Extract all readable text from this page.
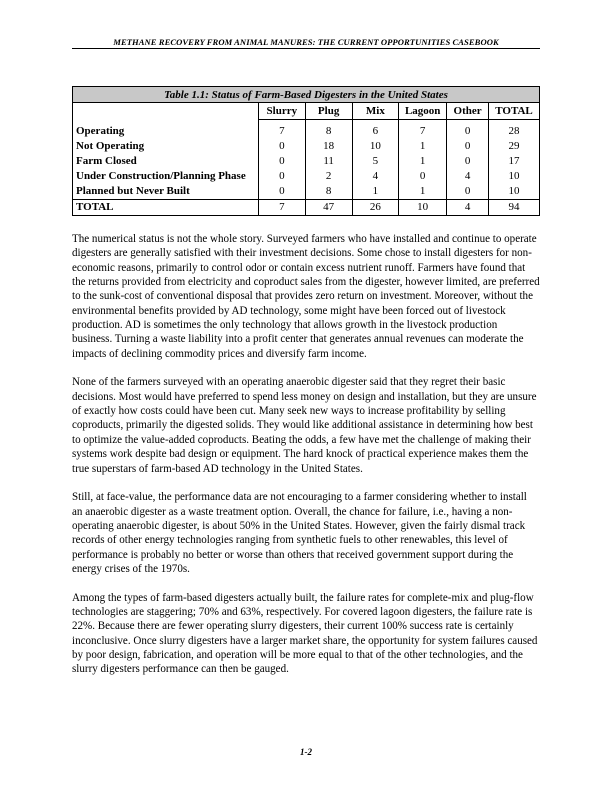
METHANE RECOVERY FROM ANIMAL MANURES: THE CURRENT OPPORTUNITIES CASEBOOK
Table 1.1: Status of Farm-Based Digesters in the United States						
	Slurry	Plug	Mix	Lagoon	Other	TOTAL
Operating	7	8	6	7	0	28
Not Operating	0	18	10	1	0	29
Farm Closed	0	11	5	1	0	17
Under Construction/Planning Phase	0	2	4	0	4	10
Planned but Never Built	0	8	1	1	0	10
TOTAL	7	47	26	10	4	94

The numerical status is not the whole story. Surveyed farmers who have installed and continue to operate digesters are generally satisfied with their investment decisions. Some chose to install digesters for non-economic reasons, primarily to control odor or contain excess nutrient runoff. Farmers have found that the returns provided from electricity and coproduct sales from the digester, however limited, are preferred to the sunk-cost of conventional disposal that provides zero return on investment. Moreover, without the environmental benefits provided by AD technology, some might have been forced out of livestock production. AD is sometimes the only technology that allows growth in the livestock production business. Turning a waste liability into a profit center that generates annual revenues can moderate the impacts of declining commodity prices and diversify farm income.

None of the farmers surveyed with an operating anaerobic digester said that they regret their basic decisions. Most would have preferred to spend less money on design and installation, but they are unsure of exactly how costs could have been cut. Many seek new ways to increase profitability by selling coproducts, primarily the digested solids. They would like additional assistance in determining how best to optimize the value-added coproducts. Beating the odds, a few have met the challenge of making their systems work despite bad design or equipment. The hard knock of practical experience makes them the true superstars of farm-based AD technology in the United States.

Still, at face-value, the performance data are not encouraging to a farmer considering whether to install an anaerobic digester as a waste treatment option. Overall, the chance for failure, i.e., having a non-operating anaerobic digester, is about 50% in the United States. However, given the fairly dismal track records of other energy technologies ranging from synthetic fuels to other renewables, this level of performance is probably no better or worse than others that received government support during the energy crises of the 1970s.

Among the types of farm-based digesters actually built, the failure rates for complete-mix and plug-flow technologies are staggering; 70% and 63%, respectively. For covered lagoon digesters, the failure rate is 22%. Because there are fewer operating slurry digesters, their current 100% success rate is certainly inconclusive. Once slurry digesters have a larger market share, the opportunity for system failures caused by poor design, fabrication, and operation will be more equal to that of the other technologies, and the slurry digesters performance can then be gauged.

1-2
